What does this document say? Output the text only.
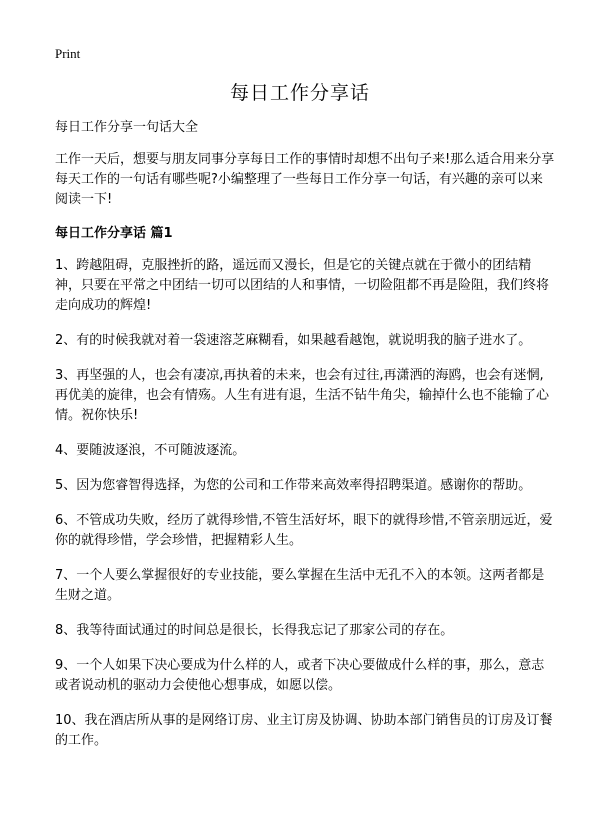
Print
每日工作分享话

每日工作分享一句话大全

工作一天后，想要与朋友同事分享每日工作的事情时却想不出句子来!那么适合用来分享每天工作的一句话有哪些呢?小编整理了一些每日工作分享一句话，有兴趣的亲可以来阅读一下!

每日工作分享话 篇1

1、跨越阻碍，克服挫折的路，遥远而又漫长，但是它的关键点就在于微小的团结精神，只要在平常之中团结一切可以团结的人和事情，一切险阻都不再是险阻，我们终将走向成功的辉煌!

2、有的时候我就对着一袋速溶芝麻糊看，如果越看越饱，就说明我的脑子进水了。

3、再坚强的人，也会有凄凉,再执着的未来，也会有过往,再潇洒的海鸥，也会有迷惘,再优美的旋律，也会有情殇。人生有进有退，生活不钻牛角尖，输掉什么也不能输了心情。祝你快乐!

4、要随波逐浪，不可随波逐流。

5、因为您睿智得选择，为您的公司和工作带来高效率得招聘渠道。感谢你的帮助。

6、不管成功失败，经历了就得珍惜,不管生活好坏，眼下的就得珍惜,不管亲朋远近，爱你的就得珍惜，学会珍惜，把握精彩人生。

7、一个人要么掌握很好的专业技能，要么掌握在生活中无孔不入的本领。这两者都是生财之道。

8、我等待面试通过的时间总是很长，长得我忘记了那家公司的存在。

9、一个人如果下决心要成为什么样的人，或者下决心要做成什么样的事，那么，意志或者说动机的驱动力会使他心想事成，如愿以偿。

10、我在酒店所从事的是网络订房、业主订房及协调、协助本部门销售员的订房及订餐的工作。
